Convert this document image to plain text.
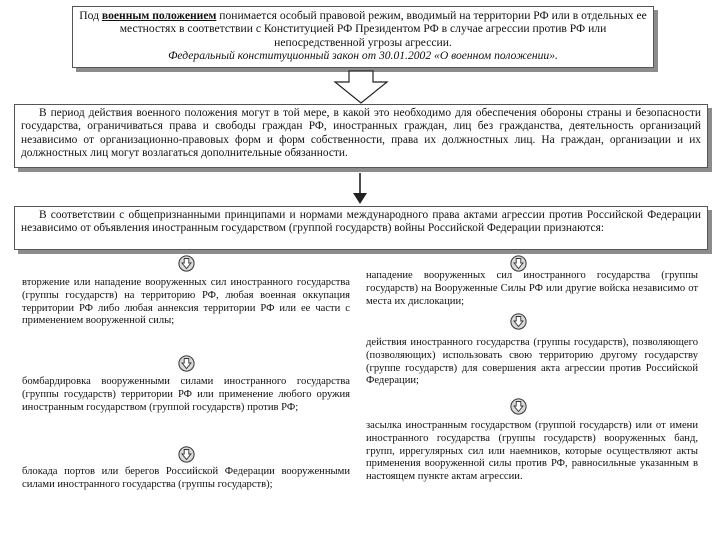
Под военным положением понимается особый правовой режим, вводимый на территории РФ или в отдельных ее местностях в соответствии с Конституцией РФ Президентом РФ в случае агрессии против РФ или непосредственной угрозы агрессии.
Федеральный конституционный закон от 30.01.2002 «О военном положении».
В период действия военного положения могут в той мере, в какой это необходимо для обеспечения обороны страны и безопасности государства, ограничиваться права и свободы граждан РФ, иностранных граждан, лиц без гражданства, деятельность организаций независимо от организационно-правовых форм и форм собственности, права их должностных лиц. На граждан, организации и их должностных лиц могут возлагаться дополнительные обязанности.
В соответствии с общепризнанными принципами и нормами международного права актами агрессии против Российской Федерации независимо от объявления иностранным государством (группой государств) войны Российской Федерации признаются:

вторжение или нападение вооруженных сил иностранного государства (группы государств) на территорию РФ, любая военная оккупация территории РФ либо любая аннексия территории РФ или ее части с применением вооруженной силы;

бомбардировка вооруженными силами иностранного государства (группы государств) территории РФ или применение любого оружия иностранным государством (группой государств) против РФ;

блокада портов или берегов Российской Федерации вооруженными силами иностранного государства (группы государств);

нападение вооруженных сил иностранного государства (группы государств) на Вооруженные Силы РФ или другие войска независимо от места их дислокации;

действия иностранного государства (группы государств), позволяющего (позволяющих) использовать свою территорию другому государству (группе государств) для совершения акта агрессии против Российской Федерации;

засылка иностранным государством (группой государств) или от имени иностранного государства (группы государств) вооруженных банд, групп, иррегулярных сил или наемников, которые осуществляют акты применения вооруженной силы против РФ, равносильные указанным в настоящем пункте актам агрессии.
